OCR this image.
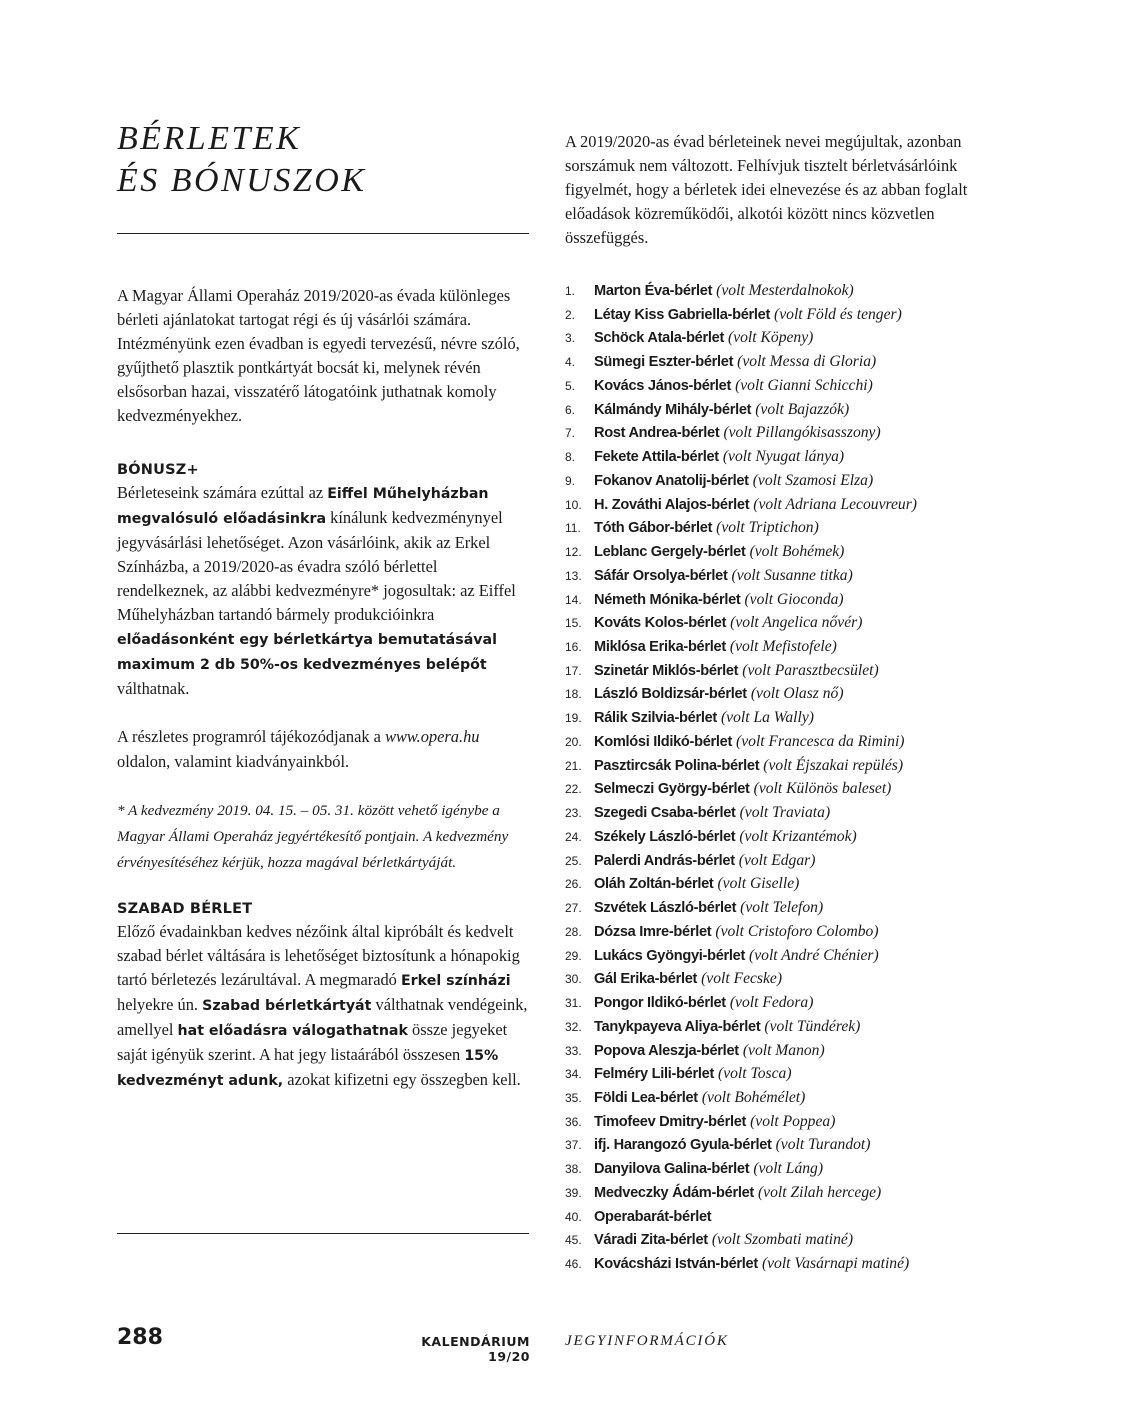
BÉRLETEK
ÉS BÓNUSZOK

A Magyar Állami Operaház 2019/2020-as évada különleges bérleti ajánlatokat tartogat régi és új vásárlói számára. Intézményünk ezen évadban is egyedi tervezésű, névre szóló, gyűjthető plasztik pontkártyát bocsát ki, melynek révén elsősorban hazai, visszatérő látogatóink juthatnak komoly kedvezményekhez.

BÓNUSZ+

Bérleteseink számára ezúttal az Eiffel Műhelyházban megvalósuló előadásinkra kínálunk kedvezménynyel jegyvásárlási lehetőséget. Azon vásárlóink, akik az Erkel Színházba, a 2019/2020-as évadra szóló bérlettel rendelkeznek, az alábbi kedvezményre* jogosultak: az Eiffel Műhelyházban tartandó bármely produkcióinkra előadásonként egy bérletkártya bemutatásával maximum 2 db 50%-os kedvezményes belépőt válthatnak.

A részletes programról tájékozódjanak a www.opera.hu oldalon, valamint kiadványainkból.

* A kedvezmény 2019. 04. 15. – 05. 31. között vehető igénybe a Magyar Állami Operaház jegyértékesítő pontjain. A kedvezmény érvényesítéséhez kérjük, hozza magával bérletkártyáját.

SZABAD BÉRLET

Előző évadainkban kedves nézőink által kipróbált és kedvelt szabad bérlet váltására is lehetőséget biztosítunk a hónapokig tartó bérletezés lezárultával. A megmaradó Erkel színházi helyekre ún. Szabad bérletkártyát válthatnak vendégeink, amellyel hat előadásra válogathatnak össze jegyeket saját igényük szerint. A hat jegy listaárából összesen 15% kedvezményt adunk, azokat kifizetni egy összegben kell.

A 2019/2020-as évad bérleteinek nevei megújultak, azonban sorszámuk nem változott. Felhívjuk tisztelt bérletvásárlóink figyelmét, hogy a bérletek idei elnevezése és az abban foglalt előadások közreműködői, alkotói között nincs közvetlen összefüggés.

1. Marton Éva-bérlet (volt Mesterdalnokok)
2. Létay Kiss Gabriella-bérlet (volt Föld és tenger)
3. Schöck Atala-bérlet (volt Köpeny)
4. Sümegi Eszter-bérlet (volt Messa di Gloria)
5. Kovács János-bérlet (volt Gianni Schicchi)
6. Kálmándy Mihály-bérlet (volt Bajazzók)
7. Rost Andrea-bérlet (volt Pillangókisasszony)
8. Fekete Attila-bérlet (volt Nyugat lánya)
9. Fokanov Anatolij-bérlet (volt Szamosi Elza)
10. H. Zováthi Alajos-bérlet (volt Adriana Lecouvreur)
11. Tóth Gábor-bérlet (volt Triptichon)
12. Leblanc Gergely-bérlet (volt Bohémek)
13. Sáfár Orsolya-bérlet (volt Susanne titka)
14. Németh Mónika-bérlet (volt Gioconda)
15. Kováts Kolos-bérlet (volt Angelica nővér)
16. Miklósa Erika-bérlet (volt Mefistofele)
17. Szinetár Miklós-bérlet (volt Parasztbecsület)
18. László Boldizsár-bérlet (volt Olasz nő)
19. Rálik Szilvia-bérlet (volt La Wally)
20. Komlósi Ildikó-bérlet (volt Francesca da Rimini)
21. Pasztircsák Polina-bérlet (volt Éjszakai repülés)
22. Selmeczi György-bérlet (volt Különös baleset)
23. Szegedi Csaba-bérlet (volt Traviata)
24. Székely László-bérlet (volt Krizantémok)
25. Palerdi András-bérlet (volt Edgar)
26. Oláh Zoltán-bérlet (volt Giselle)
27. Szvétek László-bérlet (volt Telefon)
28. Dózsa Imre-bérlet (volt Cristoforo Colombo)
29. Lukács Gyöngyi-bérlet (volt André Chénier)
30. Gál Erika-bérlet (volt Fecske)
31. Pongor Ildikó-bérlet (volt Fedora)
32. Tanykpayeva Aliya-bérlet (volt Tündérek)
33. Popova Aleszja-bérlet (volt Manon)
34. Felméry Lili-bérlet (volt Tosca)
35. Földi Lea-bérlet (volt Bohémélet)
36. Timofeev Dmitry-bérlet (volt Poppea)
37. ifj. Harangozó Gyula-bérlet (volt Turandot)
38. Danyilova Galina-bérlet (volt Láng)
39. Medveczky Ádám-bérlet (volt Zilah hercege)
40. Operabarát-bérlet
45. Váradi Zita-bérlet (volt Szombati matiné)
46. Kovácsházi István-bérlet (volt Vasárnapi matiné)
288	KALENDÁRIUM 19/20
JEGYINFORMÁCIÓK
